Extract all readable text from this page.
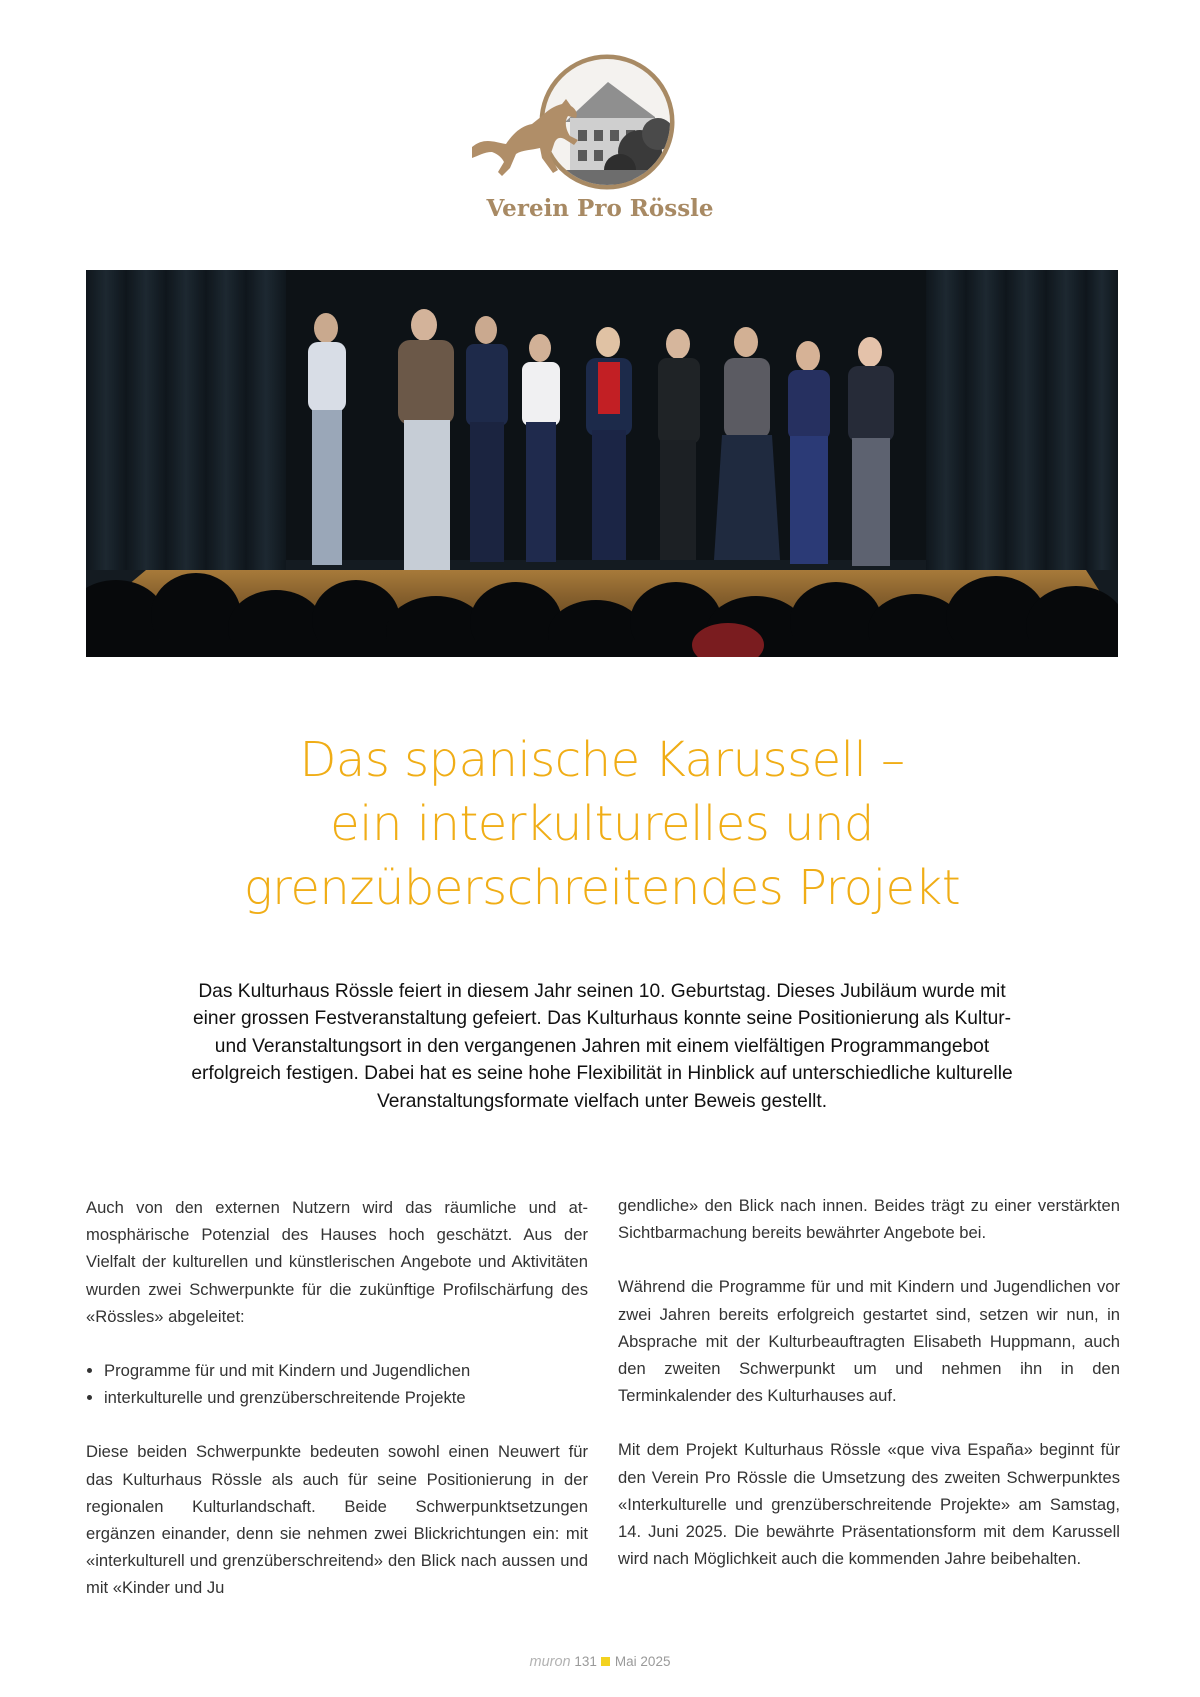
Verein Pro Rössle
Das spanische Karussell –
ein interkulturelles und
grenzüberschreitendes Projekt
Das Kulturhaus Rössle feiert in diesem Jahr seinen 10. Geburtstag. Dieses Jubiläum wurde mit
einer grossen Festveranstaltung gefeiert. Das Kulturhaus konnte seine Positionierung als Kultur-
und Veranstaltungsort in den vergangenen Jahren mit einem vielfältigen Programmangebot
erfolgreich festigen. Dabei hat es seine hohe Flexibilität in Hinblick auf unterschiedliche kulturelle
Veranstaltungsformate vielfach unter Beweis gestellt.

Auch von den externen Nutzern wird das räumliche und atmosphärische Potenzial des Hauses hoch geschätzt. Aus der Vielfalt der kulturellen und künstlerischen Angebote und Aktivitäten wurden zwei Schwerpunkte für die zukünftige Profilschärfung des «Rössles» abgeleitet:

• Programme für und mit Kindern und Jugendlichen
• interkulturelle und grenzüberschreitende Projekte

Diese beiden Schwerpunkte bedeuten sowohl einen Neuwert für das Kulturhaus Rössle als auch für seine Positionierung in der regionalen Kulturlandschaft. Beide Schwerpunktsetzungen ergänzen einander, denn sie nehmen zwei Blickrichtungen ein: mit «interkulturell und grenzüberschreitend» den Blick nach aussen und mit «Kinder und Ju

gendliche» den Blick nach innen. Beides trägt zu einer verstärkten Sichtbarmachung bereits bewährter Angebote bei.

Während die Programme für und mit Kindern und Jugendlichen vor zwei Jahren bereits erfolgreich gestartet sind, setzen wir nun, in Absprache mit der Kulturbeauftragten Elisabeth Huppmann, auch den zweiten Schwerpunkt um und nehmen ihn in den Terminkalender des Kulturhauses auf.

Mit dem Projekt Kulturhaus Rössle «que viva España» beginnt für den Verein Pro Rössle die Umsetzung des zweiten Schwerpunktes «Interkulturelle und grenzüberschreitende Projekte» am Samstag, 14. Juni 2025. Die bewährte Präsentationsform mit dem Karussell wird nach Möglichkeit auch die kommenden Jahre beibehalten.

muron 131 Mai 2025
